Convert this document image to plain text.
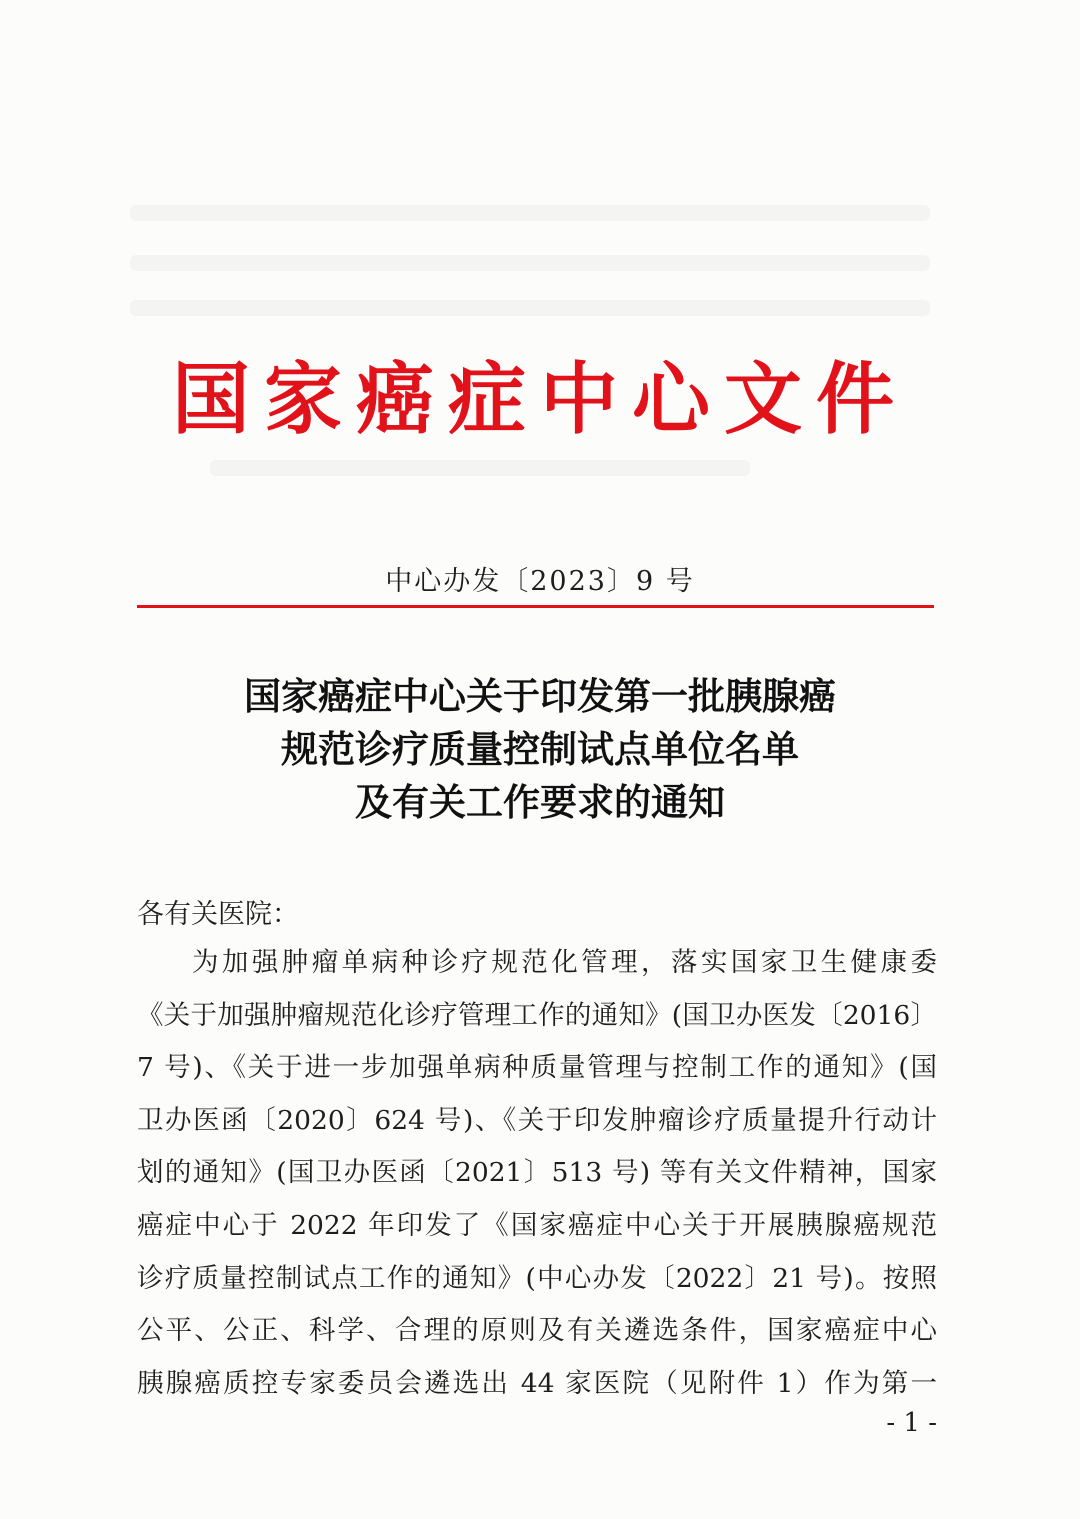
国家癌症中心文件
中心办发〔2023〕9 号
国家癌症中心关于印发第一批胰腺癌
规范诊疗质量控制试点单位名单
及有关工作要求的通知
各有关医院：
为加强肿瘤单病种诊疗规范化管理，落实国家卫生健康委
《关于加强肿瘤规范化诊疗管理工作的通知》(国卫办医发〔2016〕
7 号)、《关于进一步加强单病种质量管理与控制工作的通知》(国
卫办医函〔2020〕624 号)、《关于印发肿瘤诊疗质量提升行动计
划的通知》(国卫办医函〔2021〕513 号) 等有关文件精神，国家
癌症中心于 2022 年印发了《国家癌症中心关于开展胰腺癌规范
诊疗质量控制试点工作的通知》(中心办发〔2022〕21 号)。按照
公平、公正、科学、合理的原则及有关遴选条件，国家癌症中心
胰腺癌质控专家委员会遴选出 44 家医院（见附件 1）作为第一
- 1 -
